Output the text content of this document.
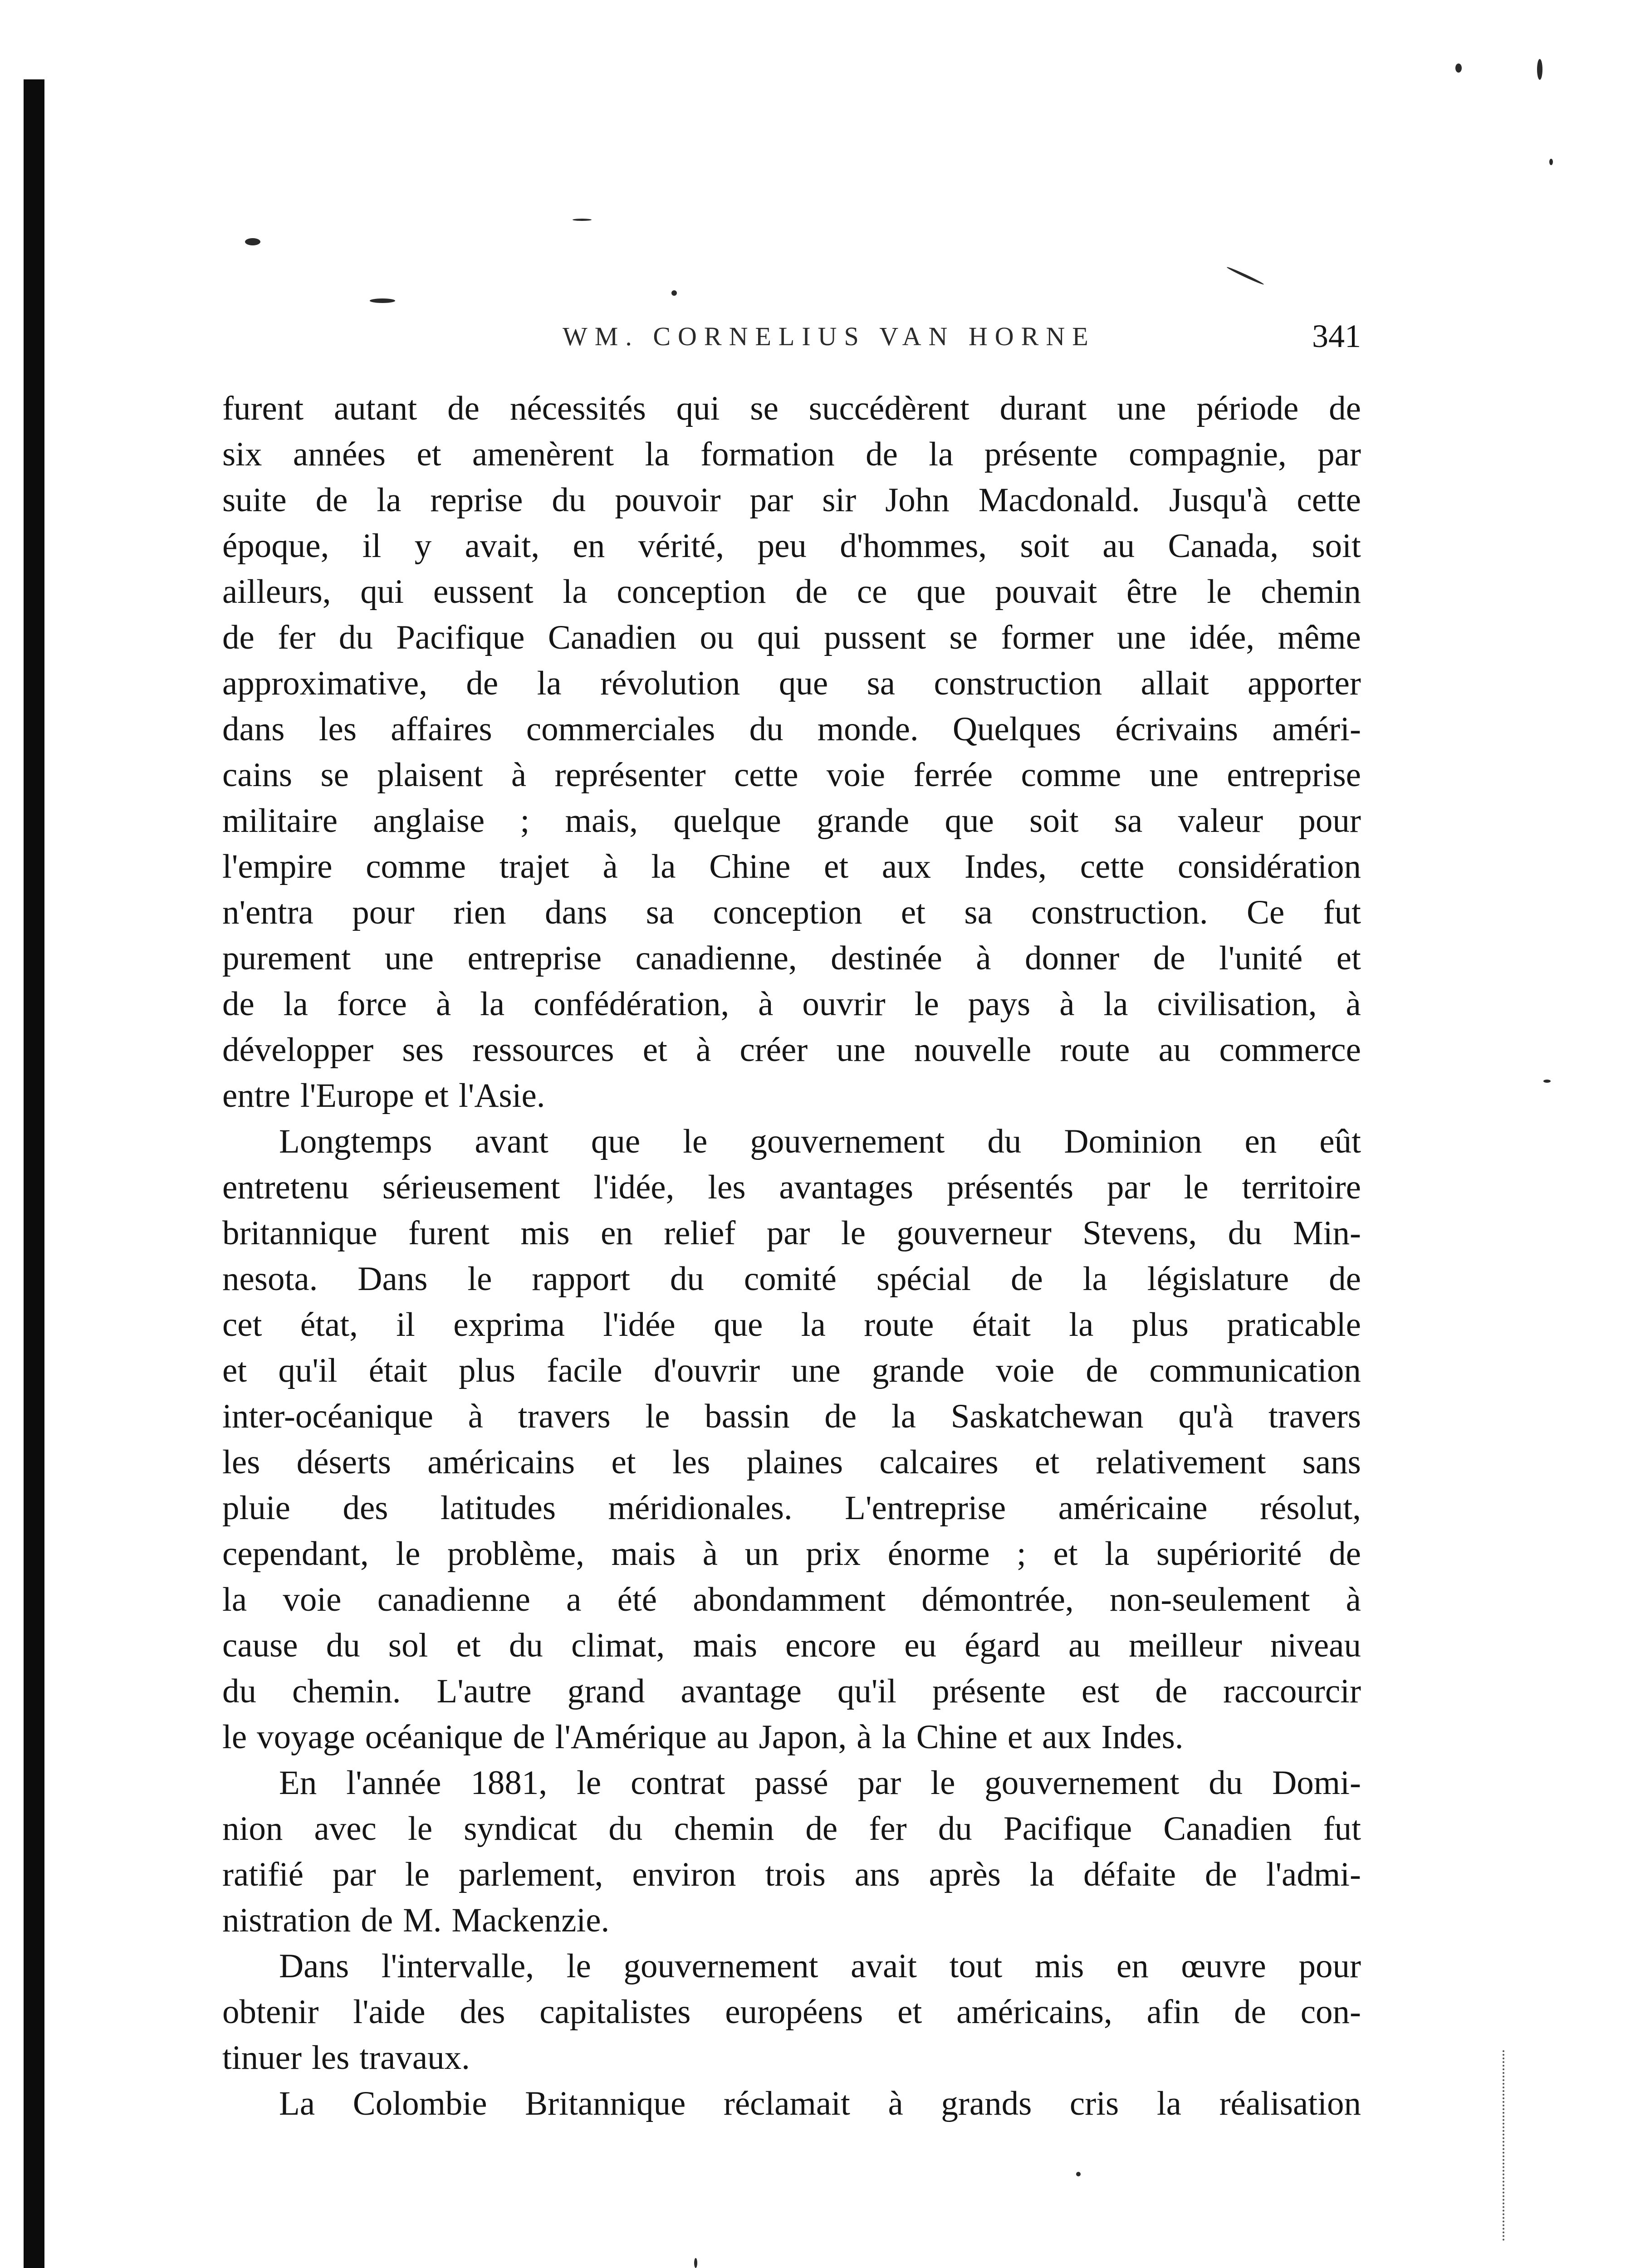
WM. CORNELIUS VAN HORNE	341
furent autant de nécessités qui se succédèrent durant une période de
six années et amenèrent la formation de la présente compagnie, par
suite de la reprise du pouvoir par sir John Macdonald. Jusqu'à cette
époque, il y avait, en vérité, peu d'hommes, soit au Canada, soit
ailleurs, qui eussent la conception de ce que pouvait être le chemin
de fer du Pacifique Canadien ou qui pussent se former une idée, même
approximative, de la révolution que sa construction allait apporter
dans les affaires commerciales du monde. Quelques écrivains améri-
cains se plaisent à représenter cette voie ferrée comme une entreprise
militaire anglaise ; mais, quelque grande que soit sa valeur pour
l'empire comme trajet à la Chine et aux Indes, cette considération
n'entra pour rien dans sa conception et sa construction. Ce fut
purement une entreprise canadienne, destinée à donner de l'unité et
de la force à la confédération, à ouvrir le pays à la civilisation, à
développer ses ressources et à créer une nouvelle route au commerce
entre l'Europe et l'Asie.
Longtemps avant que le gouvernement du Dominion en eût
entretenu sérieusement l'idée, les avantages présentés par le territoire
britannique furent mis en relief par le gouverneur Stevens, du Min-
nesota. Dans le rapport du comité spécial de la législature de
cet état, il exprima l'idée que la route était la plus praticable
et qu'il était plus facile d'ouvrir une grande voie de communication
inter-océanique à travers le bassin de la Saskatchewan qu'à travers
les déserts américains et les plaines calcaires et relativement sans
pluie des latitudes méridionales. L'entreprise américaine résolut,
cependant, le problème, mais à un prix énorme ; et la supériorité de
la voie canadienne a été abondamment démontrée, non-seulement à
cause du sol et du climat, mais encore eu égard au meilleur niveau
du chemin. L'autre grand avantage qu'il présente est de raccourcir
le voyage océanique de l'Amérique au Japon, à la Chine et aux Indes.
En l'année 1881, le contrat passé par le gouvernement du Domi-
nion avec le syndicat du chemin de fer du Pacifique Canadien fut
ratifié par le parlement, environ trois ans après la défaite de l'admi-
nistration de M. Mackenzie.
Dans l'intervalle, le gouvernement avait tout mis en œuvre pour
obtenir l'aide des capitalistes européens et américains, afin de con-
tinuer les travaux.
La Colombie Britannique réclamait à grands cris la réalisation
